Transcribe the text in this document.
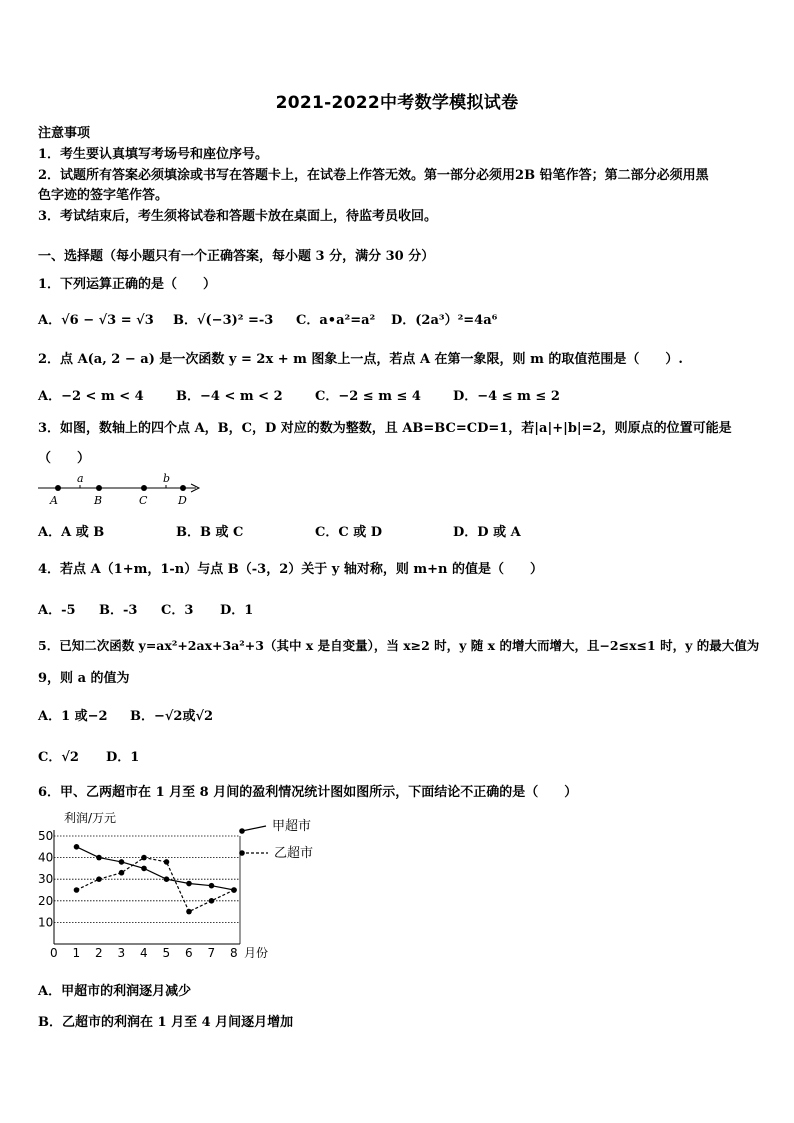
2021-2022中考数学模拟试卷
注意事项
1．考生要认真填写考场号和座位序号。
2．试题所有答案必须填涂或书写在答题卡上，在试卷上作答无效。第一部分必须用2B 铅笔作答；第二部分必须用黑
色字迹的签字笔作答。
3．考试结束后，考生须将试卷和答题卡放在桌面上，待监考员收回。
一、选择题（每小题只有一个正确答案，每小题 3 分，满分 30 分）
1．下列运算正确的是（　　）
A．√6 − √3 = √3 B．√(−3)² =-3 C．a•a²=a² D．(2a³）²=4a⁶
2．点 A(a, 2 − a) 是一次函数 y = 2x + m 图象上一点，若点 A 在第一象限，则 m 的取值范围是（　　）.
A．−2 < m < 4 B．−4 < m < 2 C．−2 ≤ m ≤ 4 D．−4 ≤ m ≤ 2
3．如图，数轴上的四个点 A，B，C，D 对应的数为整数，且 AB=BC=CD=1，若|a|+|b|=2，则原点的位置可能是
（　　）
a	b
A	B	C	D
A．A 或 B	B．B 或 C	C．C 或 D	D．D 或 A
4．若点 A（1+m，1-n）与点 B（-3，2）关于 y 轴对称，则 m+n 的值是（　　）
A．-5 B．-3 C．3 D．1
5．已知二次函数 y=ax²+2ax+3a²+3（其中 x 是自变量），当 x≥2 时，y 随 x 的增大而增大，且−2≤x≤1 时，y 的最大值为
9，则 a 的值为
A．1 或−2 B．−√2或√2
C．√2 D．1
6．甲、乙两超市在 1 月至 8 月间的盈利情况统计图如图所示，下面结论不正确的是（　　）
利润/万元
10
20
30
40
50
0 1 2 3 4 5 6 7 8 月份
甲超市
乙超市
A．甲超市的利润逐月减少
B．乙超市的利润在 1 月至 4 月间逐月增加
